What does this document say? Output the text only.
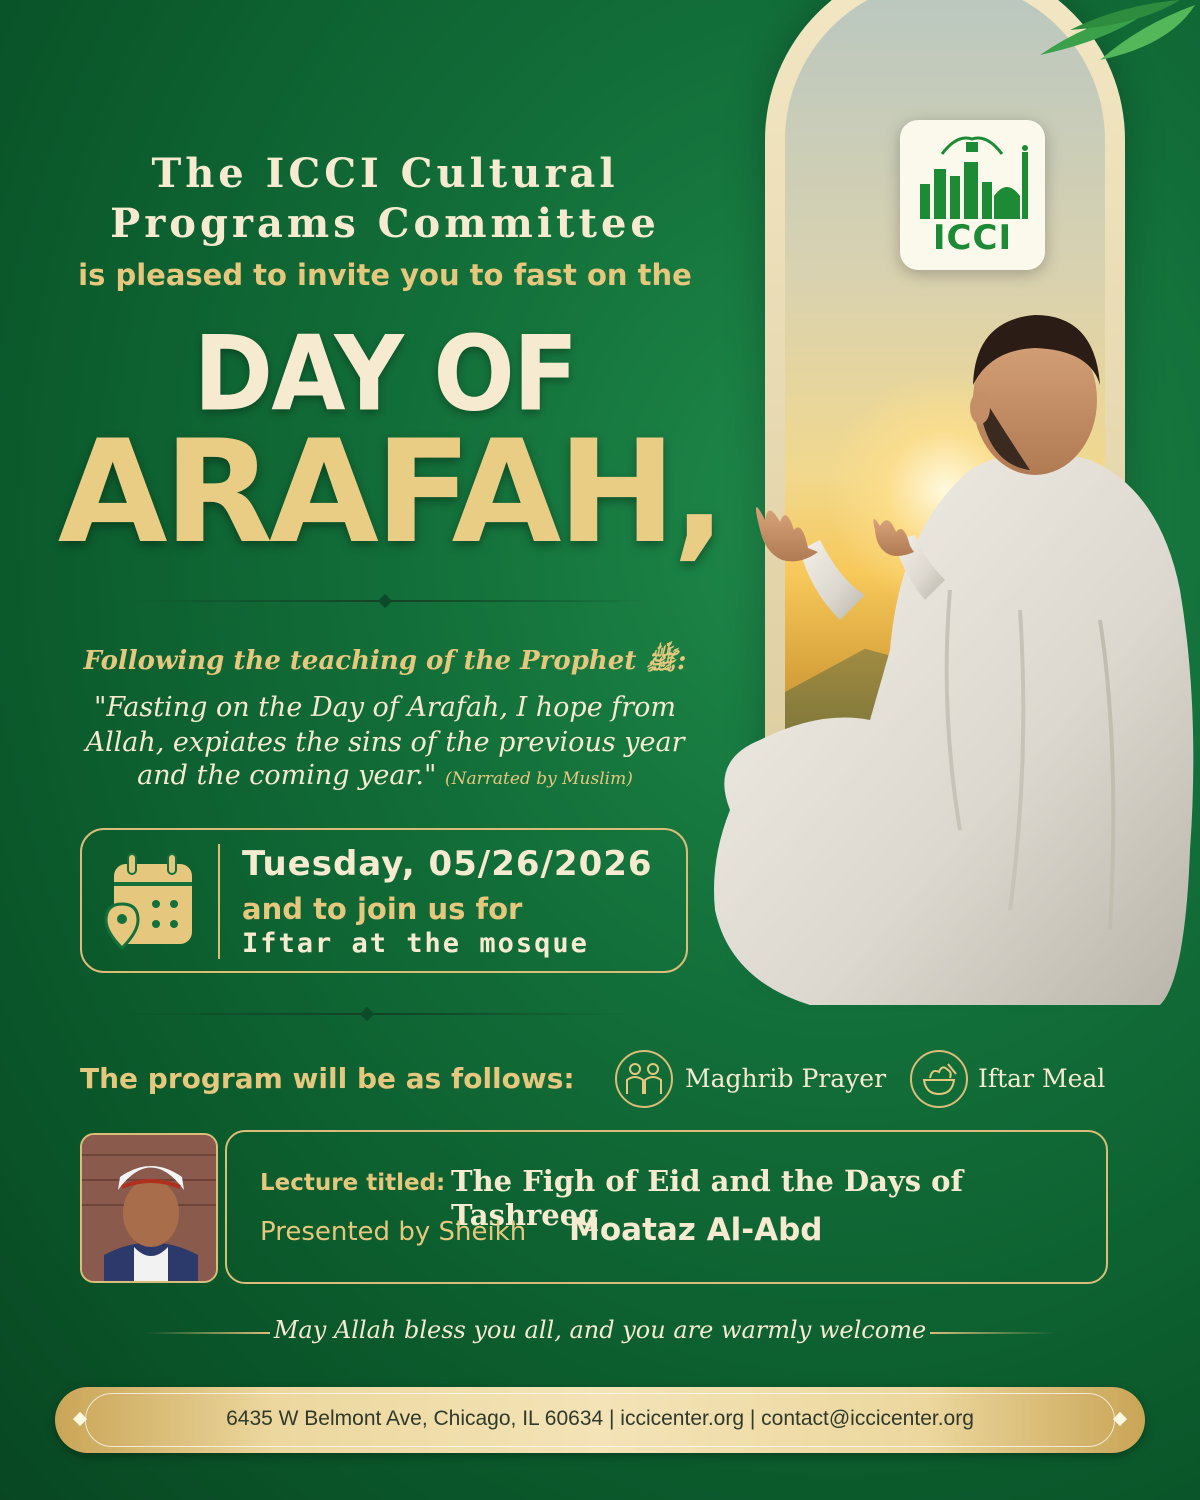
ICCI
The ICCI Cultural
Programs Committee
is pleased to invite you to fast on the
DAY OF
ARAFAH,
Following the teaching of the Prophet ﷺ:
"Fasting on the Day of Arafah, I hope from
Allah, expiates the sins of the previous year
and the coming year." (Narrated by Muslim)
Tuesday, 05/26/2026
and to join us for
Iftar at the mosque
The program will be as follows:	Maghrib Prayer	Iftar Meal
Lecture titled: The Figh of Eid and the Days of Tashreeq
Presented by Sheikh Moataz Al-Abd
May Allah bless you all, and you are warmly welcome
6435 W Belmont Ave, Chicago, IL 60634 | iccicenter.org | contact@iccicenter.org
